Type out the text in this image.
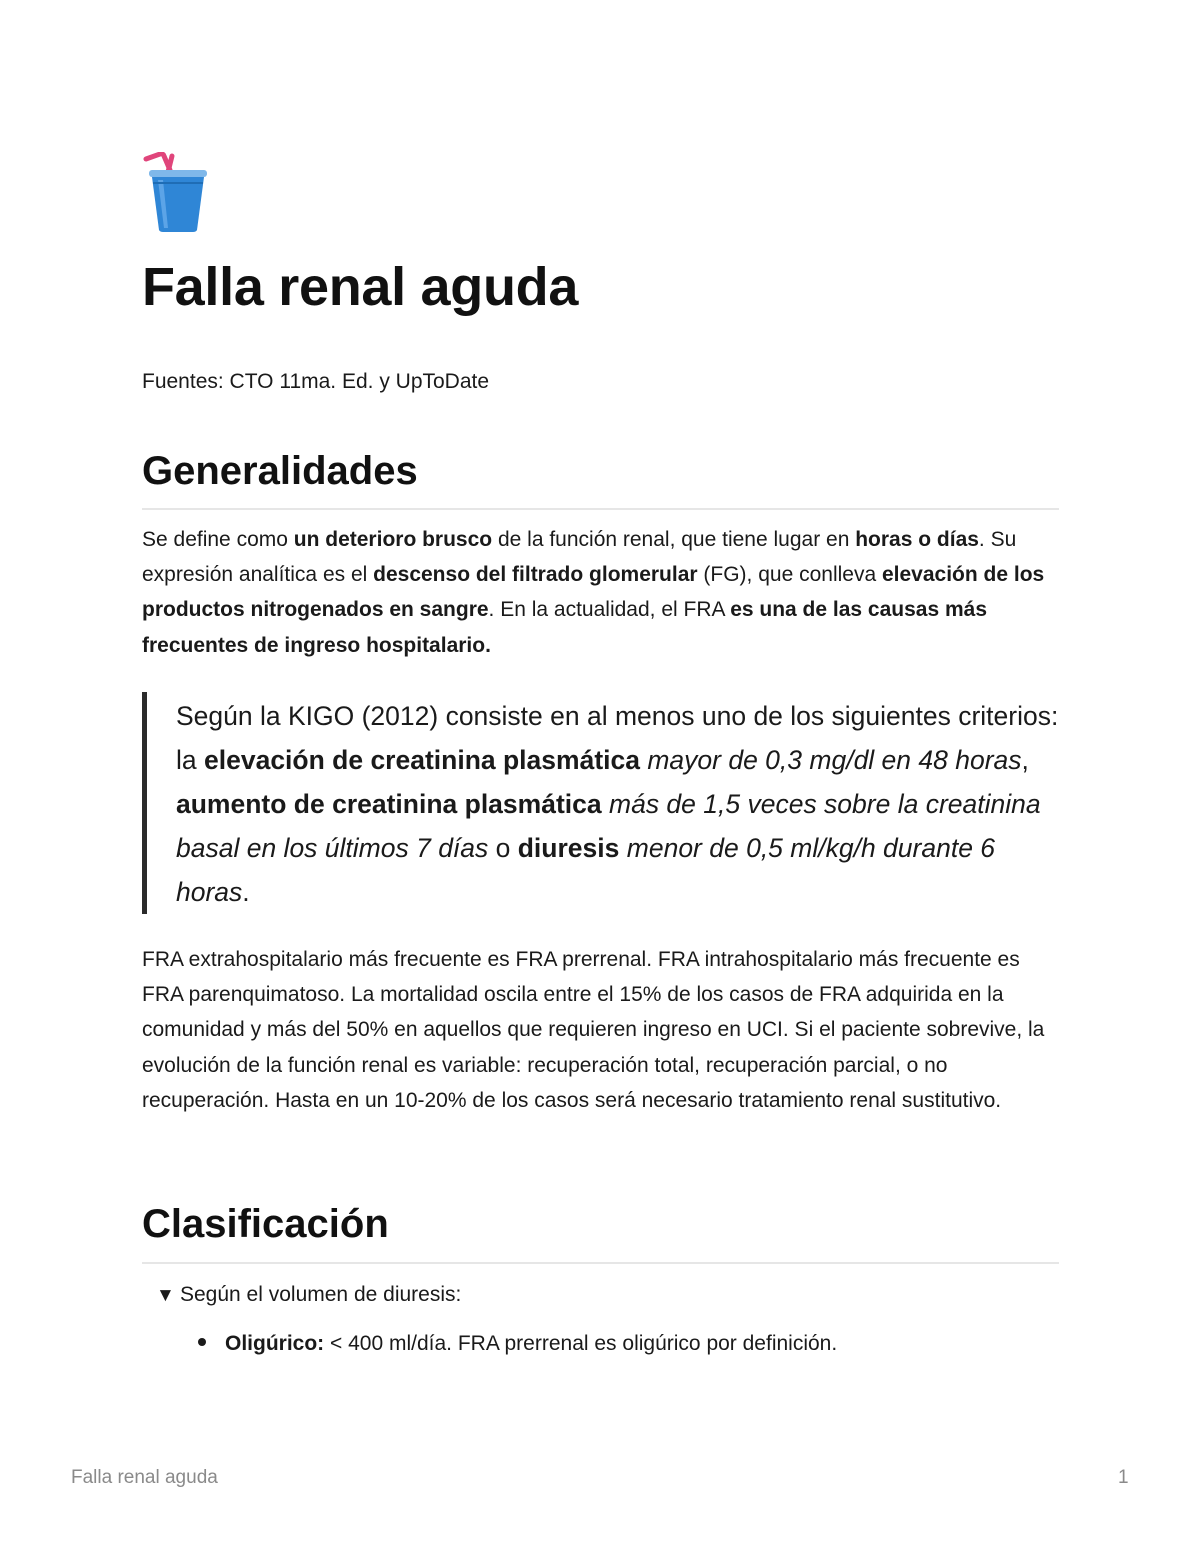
Falla renal aguda
Fuentes: CTO 11ma. Ed. y UpToDate
Generalidades

Se define como un deterioro brusco de la función renal, que tiene lugar en horas o días. Su expresión analítica es el descenso del filtrado glomerular (FG), que conlleva elevación de los productos nitrogenados en sangre. En la actualidad, el FRA es una de las causas más frecuentes de ingreso hospitalario.

Según la KIGO (2012) consiste en al menos uno de los siguientes criterios: la elevación de creatinina plasmática mayor de 0,3 mg/dl en 48 horas, aumento de creatinina plasmática más de 1,5 veces sobre la creatinina basal en los últimos 7 días o diuresis menor de 0,5 ml/kg/h durante 6 horas.

FRA extrahospitalario más frecuente es FRA prerrenal. FRA intrahospitalario más frecuente es FRA parenquimatoso. La mortalidad oscila entre el 15% de los casos de FRA adquirida en la comunidad y más del 50% en aquellos que requieren ingreso en UCI. Si el paciente sobrevive, la evolución de la función renal es variable: recuperación total, recuperación parcial, o no recuperación. Hasta en un 10-20% de los casos será necesario tratamiento renal sustitutivo.

Clasificación
▼ Según el volumen de diuresis:
Oligúrico: < 400 ml/día. FRA prerrenal es oligúrico por definición.
Falla renal aguda	1
